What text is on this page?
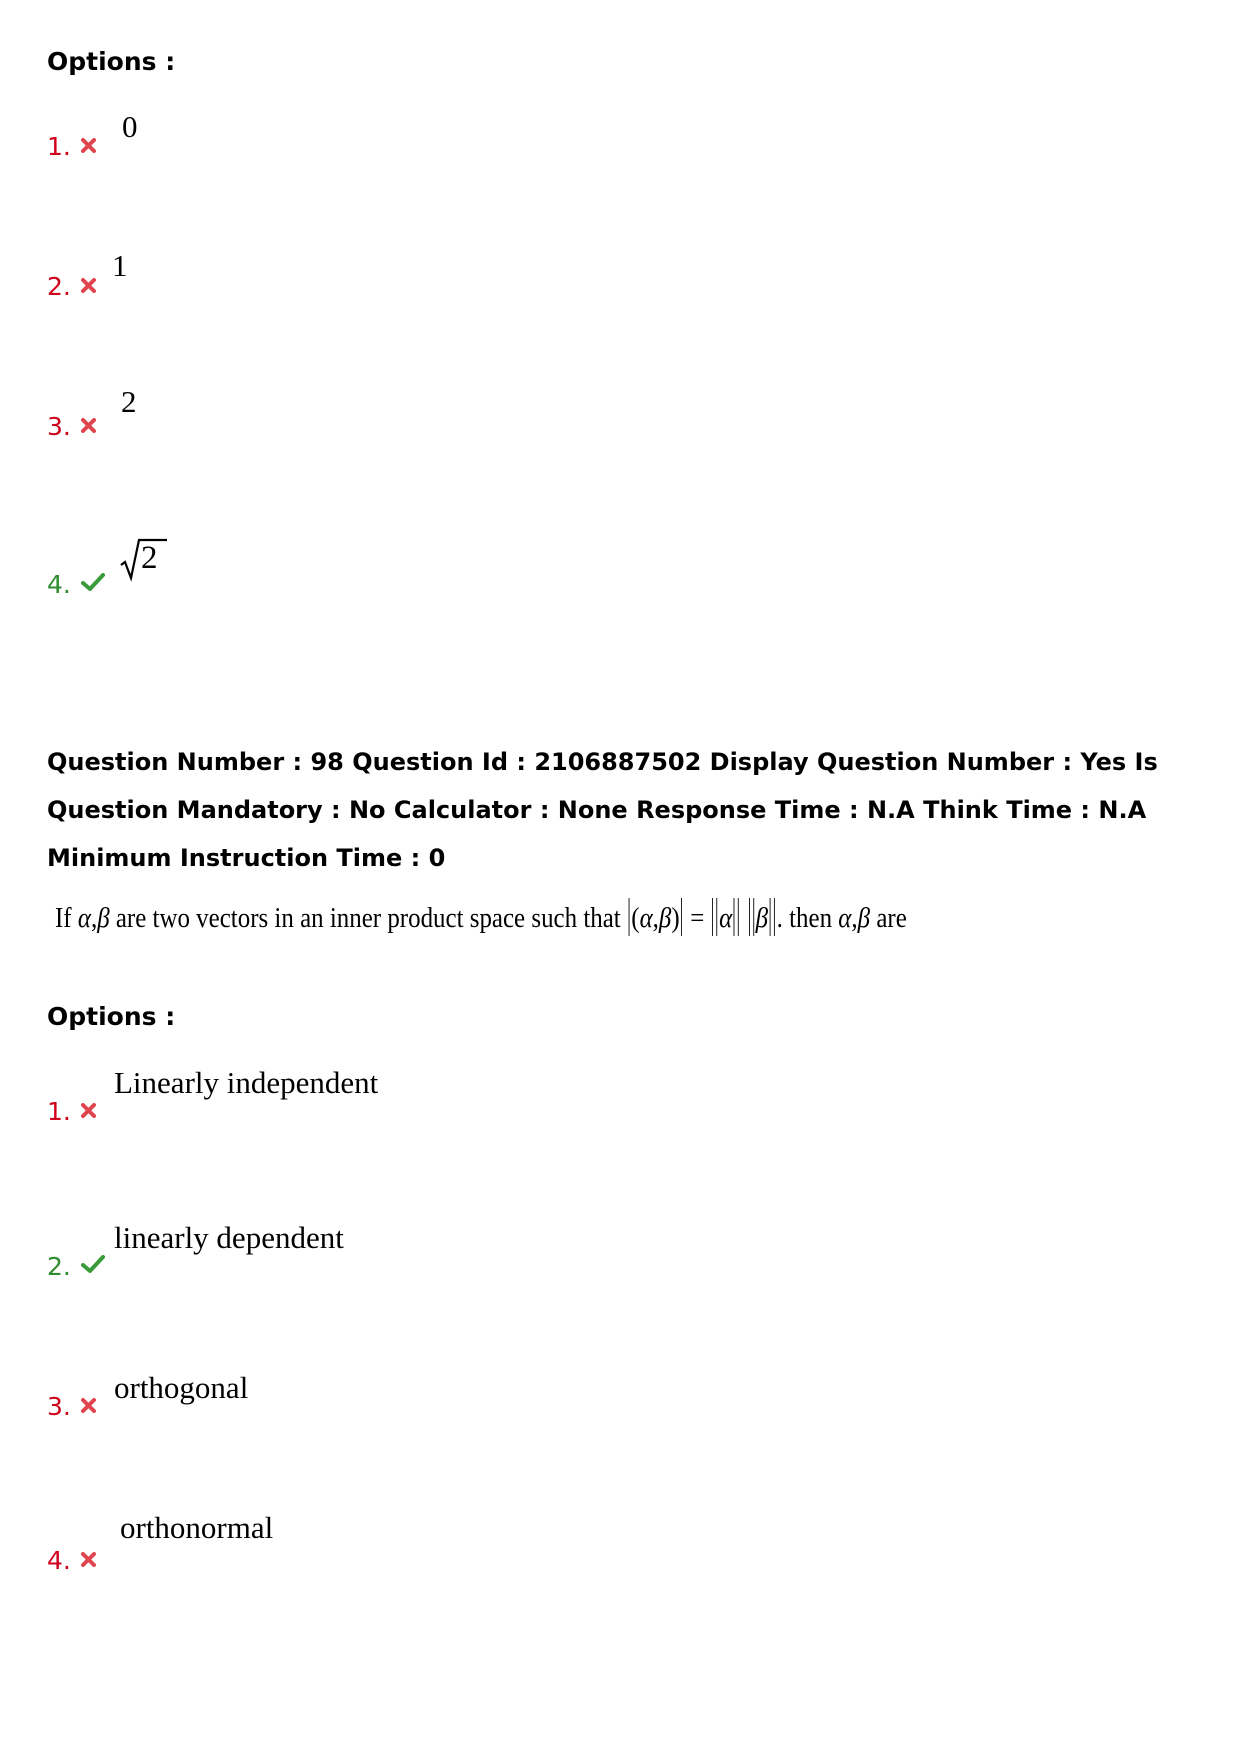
Options :
1.
0
2.
1
3.
2
4.
2
Question Number : 98 Question Id : 2106887502 Display Question Number : Yes Is Question Mandatory : No Calculator : None Response Time : N.A Think Time : N.A Minimum Instruction Time : 0
If α,β are two vectors in an inner product space such that (α,β) = α β . then α,β are
Options :
1.
Linearly independent
2.
linearly dependent
3.
orthogonal
4.
orthonormal
